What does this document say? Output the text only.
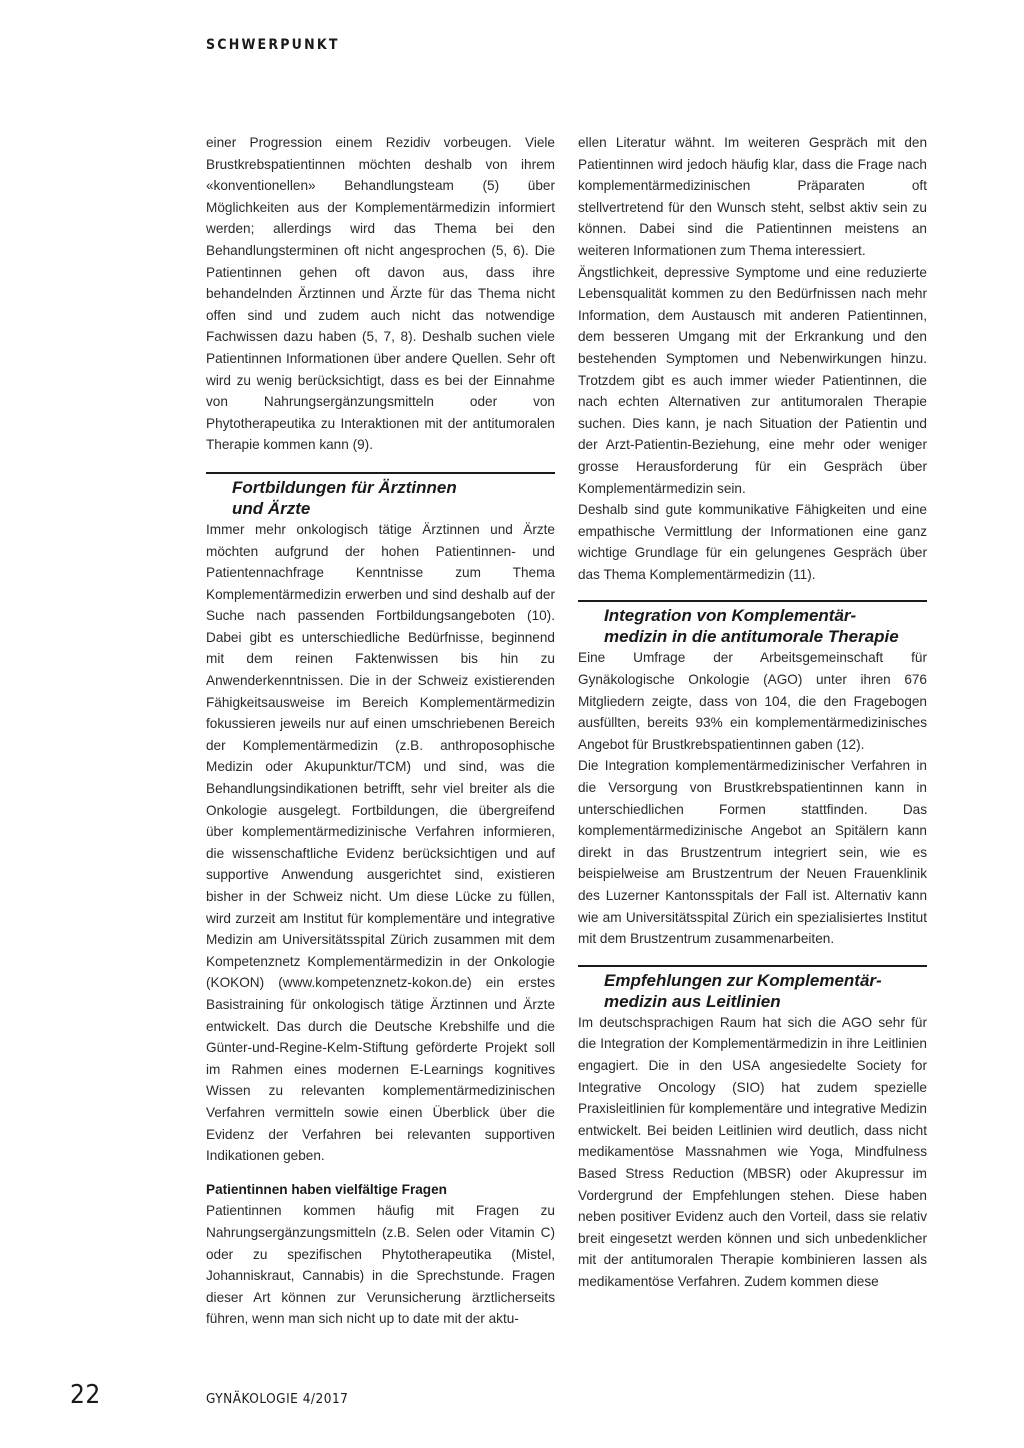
SCHWERPUNKT

einer Progression einem Rezidiv vorbeugen. Viele Brustkrebspatientinnen möchten deshalb von ihrem «konventionellen» Behandlungsteam (5) über Möglichkeiten aus der Komplementärmedizin informiert werden; allerdings wird das Thema bei den Behandlungsterminen oft nicht angesprochen (5, 6). Die Patientinnen gehen oft davon aus, dass ihre behandelnden Ärztinnen und Ärzte für das Thema nicht offen sind und zudem auch nicht das notwendige Fachwissen dazu haben (5, 7, 8). Deshalb suchen viele Patientinnen Informationen über andere Quellen. Sehr oft wird zu wenig berücksichtigt, dass es bei der Einnahme von Nahrungsergänzungsmitteln oder von Phytotherapeutika zu Interaktionen mit der antitumoralen Therapie kommen kann (9).

Fortbildungen für Ärztinnen

und Ärzte

Immer mehr onkologisch tätige Ärztinnen und Ärzte möchten aufgrund der hohen Patientinnen- und Patientennachfrage Kenntnisse zum Thema Komplementärmedizin erwerben und sind deshalb auf der Suche nach passenden Fortbildungsangeboten (10). Dabei gibt es unterschiedliche Bedürfnisse, beginnend mit dem reinen Faktenwissen bis hin zu Anwenderkenntnissen. Die in der Schweiz existierenden Fähigkeitsausweise im Bereich Komplementärmedizin fokussieren jeweils nur auf einen umschriebenen Bereich der Komplementärmedizin (z.B. anthroposophische Medizin oder Akupunktur/TCM) und sind, was die Behandlungsindikationen betrifft, sehr viel breiter als die Onkologie ausgelegt. Fortbildungen, die übergreifend über komplementärmedizinische Verfahren informieren, die wissenschaftliche Evidenz berücksichtigen und auf supportive Anwendung ausgerichtet sind, existieren bisher in der Schweiz nicht. Um diese Lücke zu füllen, wird zurzeit am Institut für komplementäre und integrative Medizin am Universitätsspital Zürich zusammen mit dem Kompetenznetz Komplementärmedizin in der Onkologie (KOKON) (www.kompetenznetz-kokon.de) ein erstes Basistraining für onkologisch tätige Ärztinnen und Ärzte entwickelt. Das durch die Deutsche Krebshilfe und die Günter-und-Regine-Kelm-Stiftung geförderte Projekt soll im Rahmen eines modernen E-Learnings kognitives Wissen zu relevanten komplementärmedizinischen Verfahren vermitteln sowie einen Überblick über die Evidenz der Verfahren bei relevanten supportiven Indikationen geben.

Patientinnen haben vielfältige Fragen

Patientinnen kommen häufig mit Fragen zu Nahrungsergänzungsmitteln (z.B. Selen oder Vitamin C) oder zu spezifischen Phytotherapeutika (Mistel, Johanniskraut, Cannabis) in die Sprechstunde. Fragen dieser Art können zur Verunsicherung ärztlicherseits führen, wenn man sich nicht up to date mit der aktu-

ellen Literatur wähnt. Im weiteren Gespräch mit den Patientinnen wird jedoch häufig klar, dass die Frage nach komplementärmedizinischen Präparaten oft stellvertretend für den Wunsch steht, selbst aktiv sein zu können. Dabei sind die Patientinnen meistens an weiteren Informationen zum Thema interessiert.

Ängstlichkeit, depressive Symptome und eine reduzierte Lebensqualität kommen zu den Bedürfnissen nach mehr Information, dem Austausch mit anderen Patientinnen, dem besseren Umgang mit der Erkrankung und den bestehenden Symptomen und Nebenwirkungen hinzu. Trotzdem gibt es auch immer wieder Patientinnen, die nach echten Alternativen zur antitumoralen Therapie suchen. Dies kann, je nach Situation der Patientin und der Arzt-Patientin-Beziehung, eine mehr oder weniger grosse Herausforderung für ein Gespräch über Komplementärmedizin sein.

Deshalb sind gute kommunikative Fähigkeiten und eine empathische Vermittlung der Informationen eine ganz wichtige Grundlage für ein gelungenes Gespräch über das Thema Komplementärmedizin (11).

Integration von Komplementär-

medizin in die antitumorale Therapie

Eine Umfrage der Arbeitsgemeinschaft für Gynäkologische Onkologie (AGO) unter ihren 676 Mitgliedern zeigte, dass von 104, die den Fragebogen ausfüllten, bereits 93% ein komplementärmedizinisches Angebot für Brustkrebspatientinnen gaben (12).

Die Integration komplementärmedizinischer Verfahren in die Versorgung von Brustkrebspatientinnen kann in unterschiedlichen Formen stattfinden. Das komplementärmedizinische Angebot an Spitälern kann direkt in das Brustzentrum integriert sein, wie es beispielweise am Brustzentrum der Neuen Frauenklinik des Luzerner Kantonsspitals der Fall ist. Alternativ kann wie am Universitätsspital Zürich ein spezialisiertes Institut mit dem Brustzentrum zusammenarbeiten.

Empfehlungen zur Komplementär-

medizin aus Leitlinien

Im deutschsprachigen Raum hat sich die AGO sehr für die Integration der Komplementärmedizin in ihre Leitlinien engagiert. Die in den USA angesiedelte Society for Integrative Oncology (SIO) hat zudem spezielle Praxisleitlinien für komplementäre und integrative Medizin entwickelt. Bei beiden Leitlinien wird deutlich, dass nicht medikamentöse Massnahmen wie Yoga, Mindfulness Based Stress Reduction (MBSR) oder Akupressur im Vordergrund der Empfehlungen stehen. Diese haben neben positiver Evidenz auch den Vorteil, dass sie relativ breit eingesetzt werden können und sich unbedenklicher mit der antitumoralen Therapie kombinieren lassen als medikamentöse Verfahren. Zudem kommen diese

22	GYNÄKOLOGIE 4/2017
